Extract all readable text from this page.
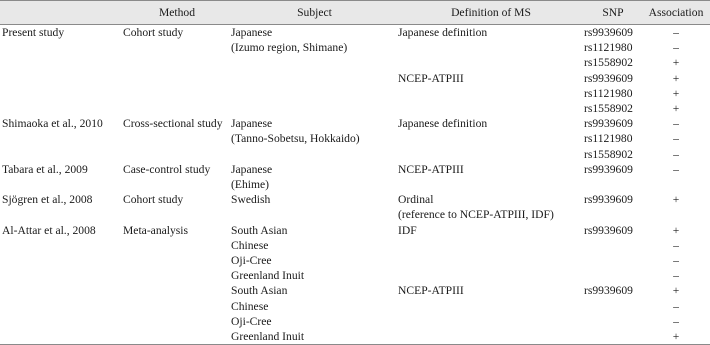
	Method	Subject	Definition of MS	SNP	Association
Present study	Cohort study	Japanese	Japanese definition	rs9939609	–
		(Izumo region, Shimane)		rs1121980	–
				rs1558902	+
			NCEP-ATPIII	rs9939609	+
				rs1121980	+
				rs1558902	+
Shimaoka et al., 2010	Cross-sectional study	Japanese	Japanese definition	rs9939609	–
		(Tanno-Sobetsu, Hokkaido)		rs1121980	–
				rs1558902	–
Tabara et al., 2009	Case-control study	Japanese	NCEP-ATPIII	rs9939609	–
		(Ehime)			
Sjögren et al., 2008	Cohort study	Swedish	Ordinal	rs9939609	+
			(reference to NCEP-ATPIII, IDF)		
Al-Attar et al., 2008	Meta-analysis	South Asian	IDF	rs9939609	+
		Chinese			–
		Oji-Cree			–
		Greenland Inuit			–
		South Asian	NCEP-ATPIII	rs9939609	+
		Chinese			–
		Oji-Cree			–
		Greenland Inuit			+
